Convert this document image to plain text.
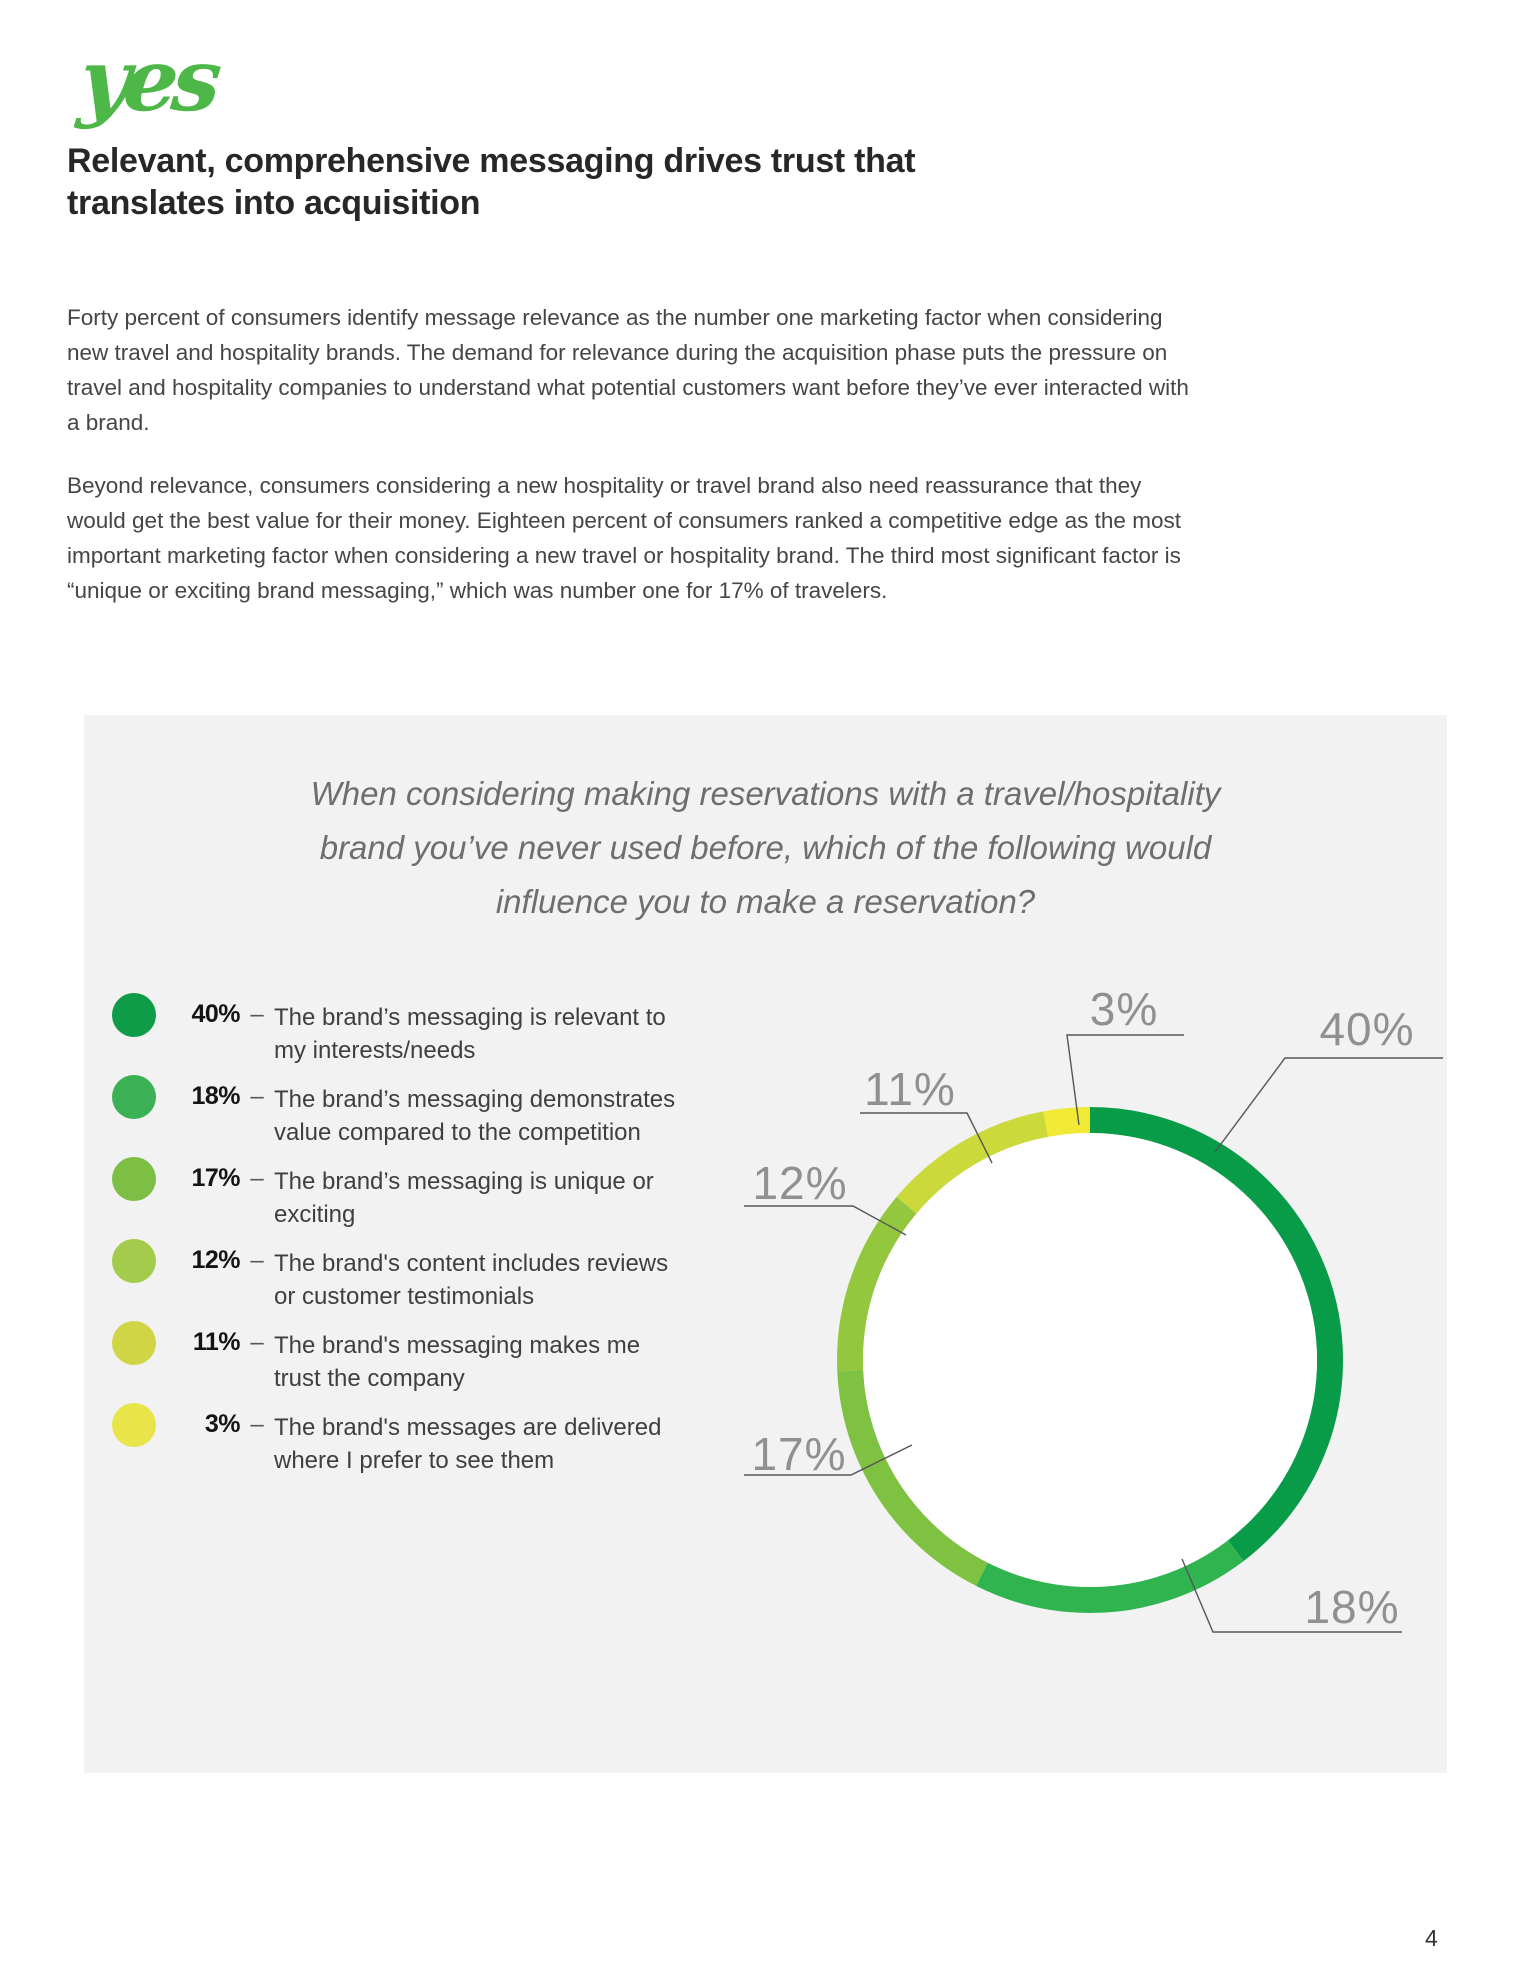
yes
Relevant, comprehensive messaging drives trust that translates into acquisition

Forty percent of consumers identify message relevance as the number one marketing factor when considering new travel and hospitality brands. The demand for relevance during the acquisition phase puts the pressure on travel and hospitality companies to understand what potential customers want before they’ve ever interacted with a brand.

Beyond relevance, consumers considering a new hospitality or travel brand also need reassurance that they would get the best value for their money. Eighteen percent of consumers ranked a competitive edge as the most important marketing factor when considering a new travel or hospitality brand. The third most significant factor is “unique or exciting brand messaging,” which was number one for 17% of travelers.

When considering making reservations with a travel/hospitality brand you’ve never used before, which of the following would influence you to make a reservation?
40% – The brand’s messaging is relevant to my interests/needs
18% – The brand’s messaging demonstrates value compared to the competition
17% – The brand’s messaging is unique or exciting
12% – The brand's content includes reviews or customer testimonials
11% – The brand's messaging makes me trust the company
3% – The brand's messages are delivered where I prefer to see them
40%
18%
17%
12%
11%
3%
4
